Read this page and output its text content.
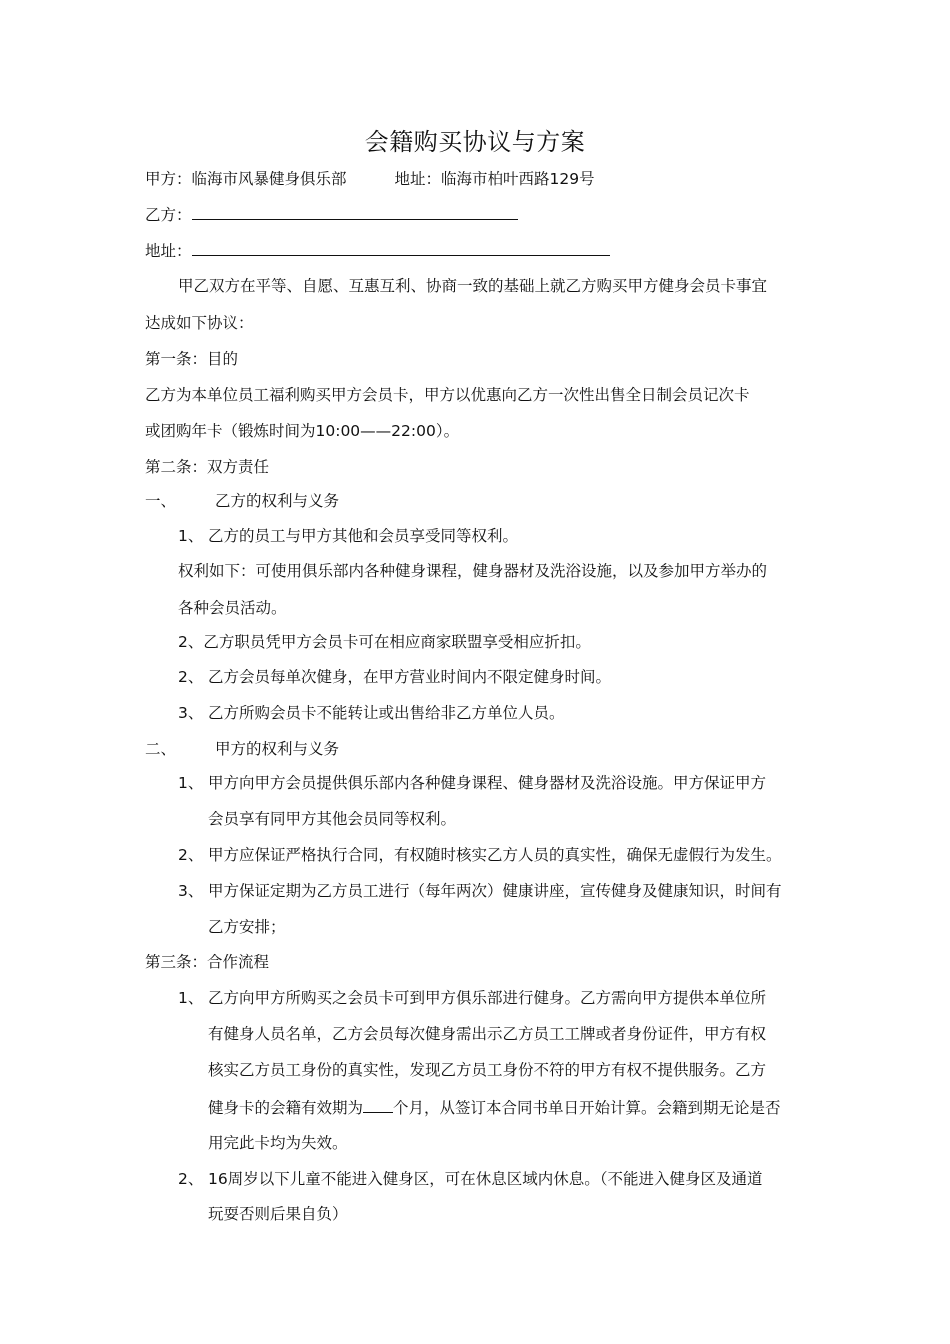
会籍购买协议与方案
甲方：临海市风暴健身俱乐部	地址：临海市柏叶西路129号
乙方：
地址：
甲乙双方在平等、自愿、互惠互利、协商一致的基础上就乙方购买甲方健身会员卡事宜
达成如下协议：
第一条：目的
乙方为本单位员工福利购买甲方会员卡，甲方以优惠向乙方一次性出售全日制会员记次卡
或团购年卡（锻炼时间为10:00——22:00）。
第二条：双方责任
一、	乙方的权利与义务
1、 乙方的员工与甲方其他和会员享受同等权利。
权利如下：可使用俱乐部内各种健身课程，健身器材及洗浴设施，以及参加甲方举办的
各种会员活动。
2、乙方职员凭甲方会员卡可在相应商家联盟享受相应折扣。
2、 乙方会员每单次健身，在甲方营业时间内不限定健身时间。
3、 乙方所购会员卡不能转让或出售给非乙方单位人员。
二、	甲方的权利与义务
1、 甲方向甲方会员提供俱乐部内各种健身课程、健身器材及洗浴设施。甲方保证甲方
会员享有同甲方其他会员同等权利。
2、 甲方应保证严格执行合同，有权随时核实乙方人员的真实性，确保无虚假行为发生。
3、 甲方保证定期为乙方员工进行（每年两次）健康讲座，宣传健身及健康知识，时间有
乙方安排；
第三条：合作流程
1、 乙方向甲方所购买之会员卡可到甲方俱乐部进行健身。乙方需向甲方提供本单位所
有健身人员名单，乙方会员每次健身需出示乙方员工工牌或者身份证件，甲方有权
核实乙方员工身份的真实性，发现乙方员工身份不符的甲方有权不提供服务。乙方
健身卡的会籍有效期为 个月，从签订本合同书单日开始计算。会籍到期无论是否
用完此卡均为失效。
2、 16周岁以下儿童不能进入健身区，可在休息区域内休息。（不能进入健身区及通道
玩耍否则后果自负）
